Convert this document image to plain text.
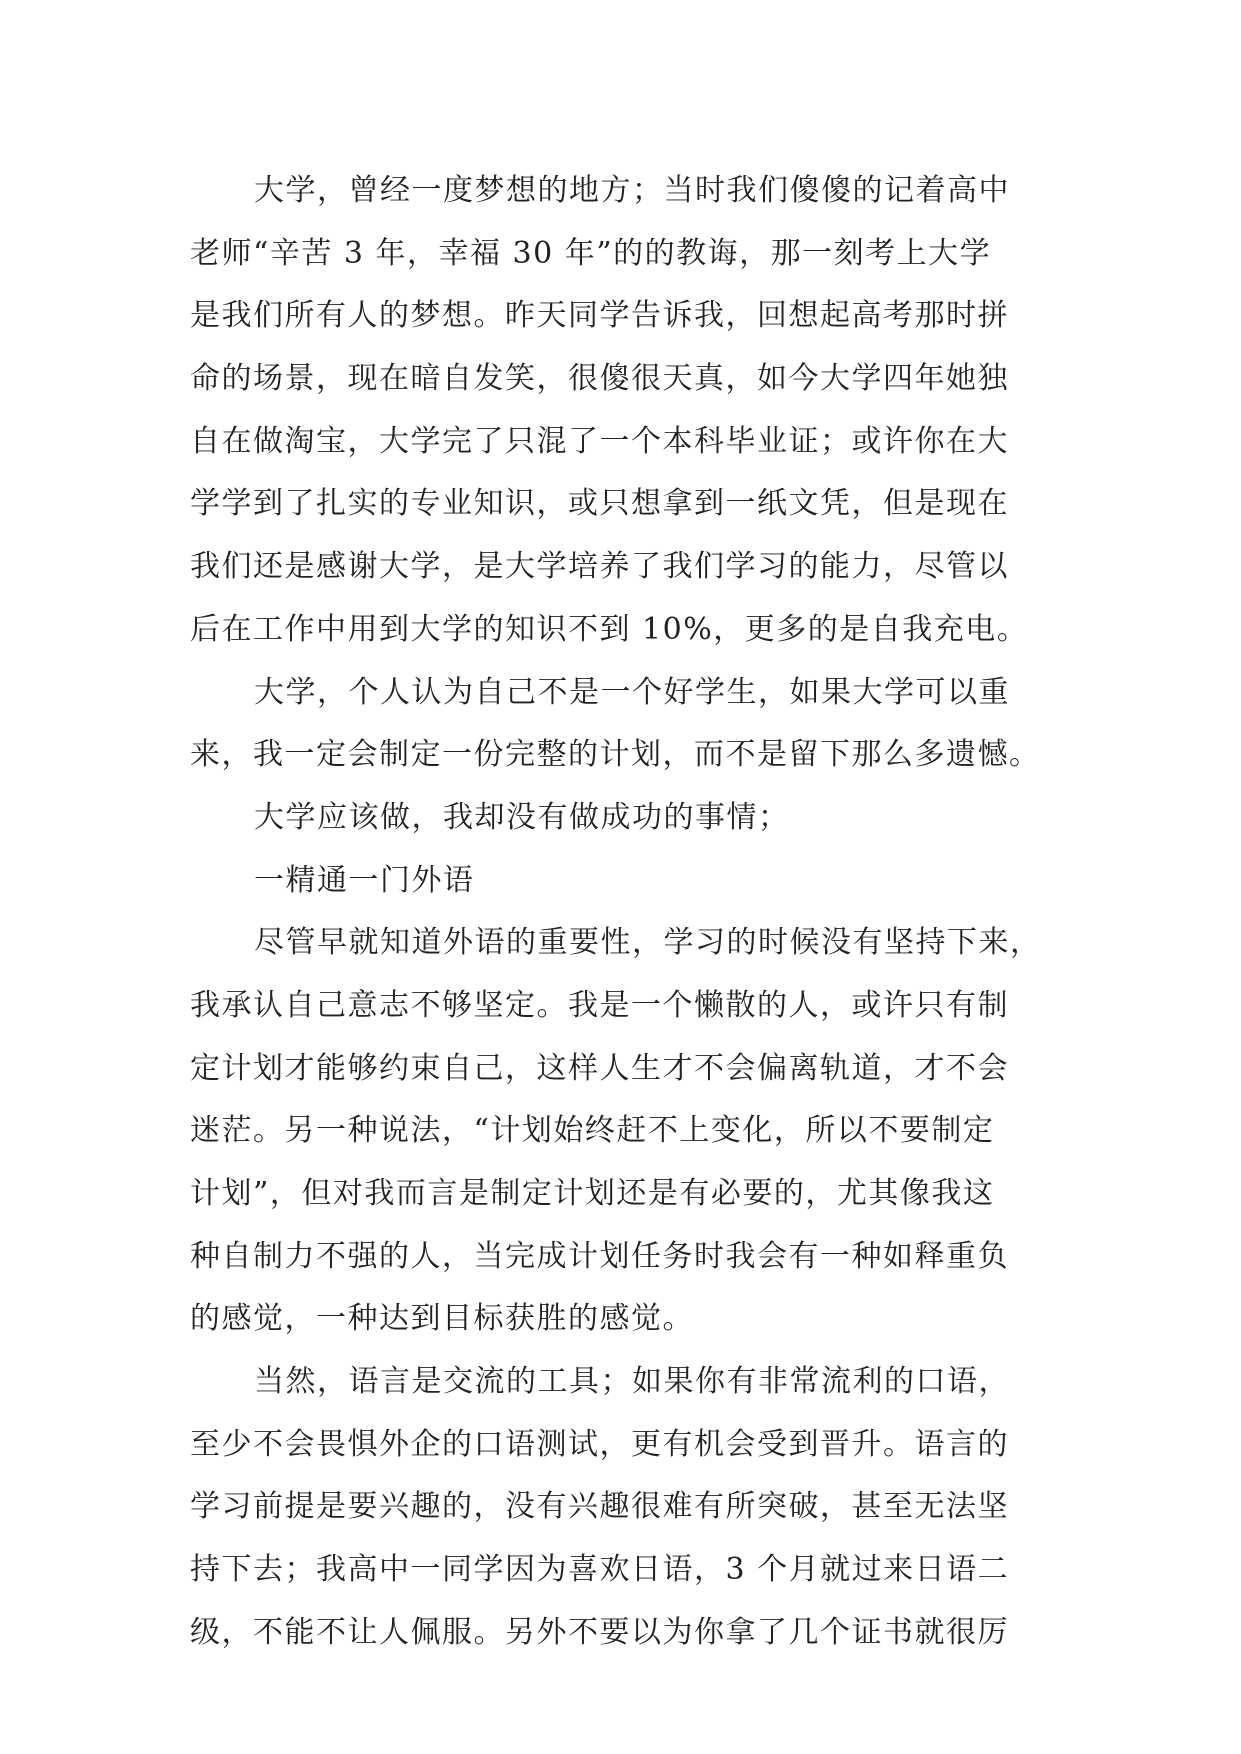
大学，曾经一度梦想的地方；当时我们傻傻的记着高中
老师“辛苦 3 年，幸福 30 年”的的教诲，那一刻考上大学
是我们所有人的梦想。昨天同学告诉我，回想起高考那时拼
命的场景，现在暗自发笑，很傻很天真，如今大学四年她独
自在做淘宝，大学完了只混了一个本科毕业证；或许你在大
学学到了扎实的专业知识，或只想拿到一纸文凭，但是现在
我们还是感谢大学，是大学培养了我们学习的能力，尽管以
后在工作中用到大学的知识不到 10%，更多的是自我充电。
大学，个人认为自己不是一个好学生，如果大学可以重
来，我一定会制定一份完整的计划，而不是留下那么多遗憾。
大学应该做，我却没有做成功的事情；
一精通一门外语
尽管早就知道外语的重要性，学习的时候没有坚持下来，
我承认自己意志不够坚定。我是一个懒散的人，或许只有制
定计划才能够约束自己，这样人生才不会偏离轨道，才不会
迷茫。另一种说法，“计划始终赶不上变化，所以不要制定
计划”，但对我而言是制定计划还是有必要的，尤其像我这
种自制力不强的人，当完成计划任务时我会有一种如释重负
的感觉，一种达到目标获胜的感觉。
当然，语言是交流的工具；如果你有非常流利的口语，
至少不会畏惧外企的口语测试，更有机会受到晋升。语言的
学习前提是要兴趣的，没有兴趣很难有所突破，甚至无法坚
持下去；我高中一同学因为喜欢日语，3 个月就过来日语二
级，不能不让人佩服。另外不要以为你拿了几个证书就很厉
